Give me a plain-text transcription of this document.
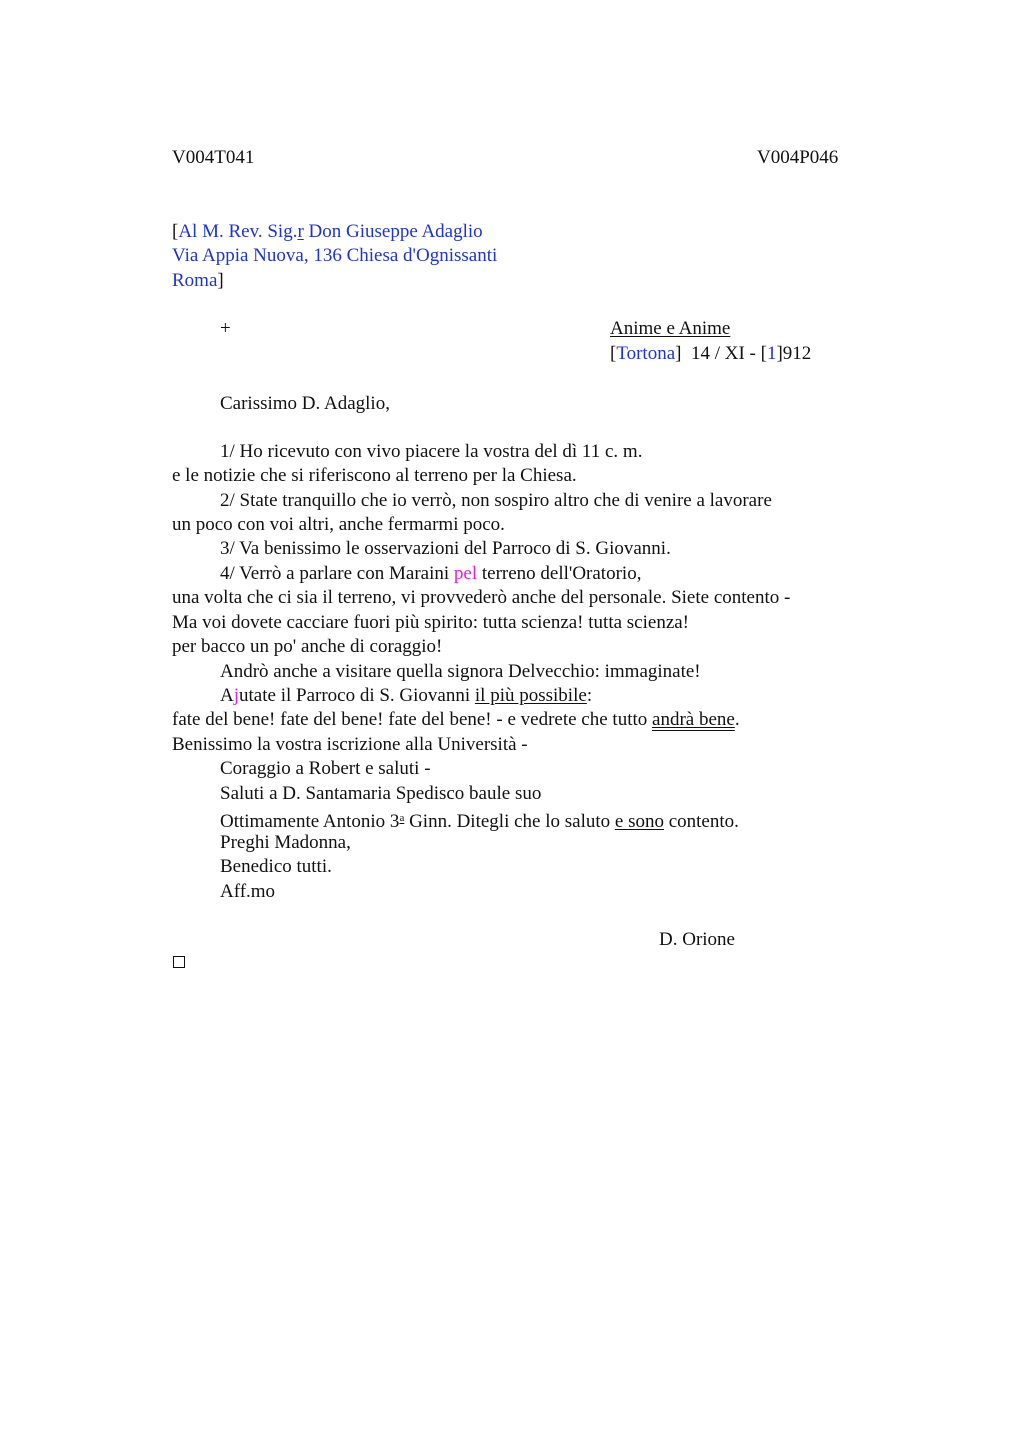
V004T041	V004P046
[Al M. Rev. Sig.r Don Giuseppe Adaglio
Via Appia Nuova, 136 Chiesa d'Ognissanti
Roma]
+	Anime e Anime
[Tortona]  14 / XI - [1]912
Carissimo D. Adaglio,
1/ Ho ricevuto con vivo piacere la vostra del dì 11 c. m.
e le notizie che si riferiscono al terreno per la Chiesa.
2/ State tranquillo che io verrò, non sospiro altro che di venire a lavorare
un poco con voi altri, anche fermarmi poco.
3/ Va benissimo le osservazioni del Parroco di S. Giovanni.
4/ Verrò a parlare con Maraini pel terreno dell'Oratorio,
una volta che ci sia il terreno, vi provvederò anche del personale. Siete contento -
Ma voi dovete cacciare fuori più spirito: tutta scienza! tutta scienza!
per bacco un po' anche di coraggio!
Andrò anche a visitare quella signora Delvecchio: immaginate!
Ajutate il Parroco di S. Giovanni il più possibile:
fate del bene! fate del bene! fate del bene! - e vedrete che tutto andrà bene.
Benissimo la vostra iscrizione alla Università -
Coraggio a Robert e saluti -
Saluti a D. Santamaria Spedisco baule suo
Ottimamente Antonio 3$^a$ Ginn. Ditegli che lo saluto e sono contento.
Preghi Madonna,
Benedico tutti.
Aff.mo
D. Orione
